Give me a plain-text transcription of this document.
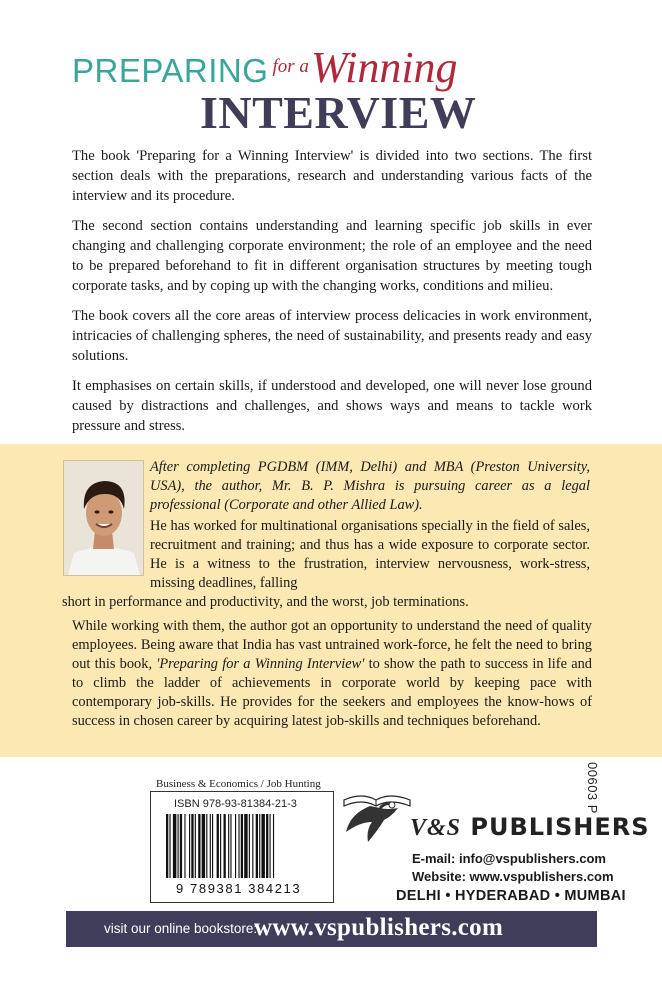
PREPARING for aWinning
INTERVIEW

The book 'Preparing for a Winning Interview' is divided into two sections. The first section deals with the preparations, research and understanding various facts of the interview and its procedure.

The second section contains understanding and learning specific job skills in ever changing and challenging corporate environment; the role of an employee and the need to be prepared beforehand to fit in different organisation structures by meeting tough corporate tasks, and by coping up with the changing works, conditions and milieu.

The book covers all the core areas of interview process delicacies in work environment, intricacies of challenging spheres, the need of sustainability, and presents ready and easy solutions.

It emphasises on certain skills, if understood and developed, one will never lose ground caused by distractions and challenges, and shows ways and means to tackle work pressure and stress.

After completing PGDBM (IMM, Delhi) and MBA (Preston University, USA), the author, Mr. B. P. Mishra is pursuing career as a legal professional (Corporate and other Allied Law).
He has worked for multinational organisations specially in the field of sales, recruitment and training; and thus has a wide exposure to corporate sector. He is a witness to the frustration, interview nervousness, work-stress, missing deadlines, falling
short in performance and productivity, and the worst, job terminations.
While working with them, the author got an opportunity to understand the need of quality employees. Being aware that India has vast untrained work-force, he felt the need to bring out this book, 'Preparing for a Winning Interview' to show the path to success in life and to climb the ladder of achievements in corporate world by keeping pace with contemporary job-skills. He provides for the seekers and employees the know-hows of success in chosen career by acquiring latest job-skills and techniques beforehand.
Business & Economics / Job Hunting
ISBN 978-93-81384-21-3
9 789381 384213
00603 P
V&S PUBLISHERS
E-mail: info@vspublishers.com
Website: www.vspublishers.com
DELHI • HYDERABAD • MUMBAI
visit our online bookstore:
www.vspublishers.com
